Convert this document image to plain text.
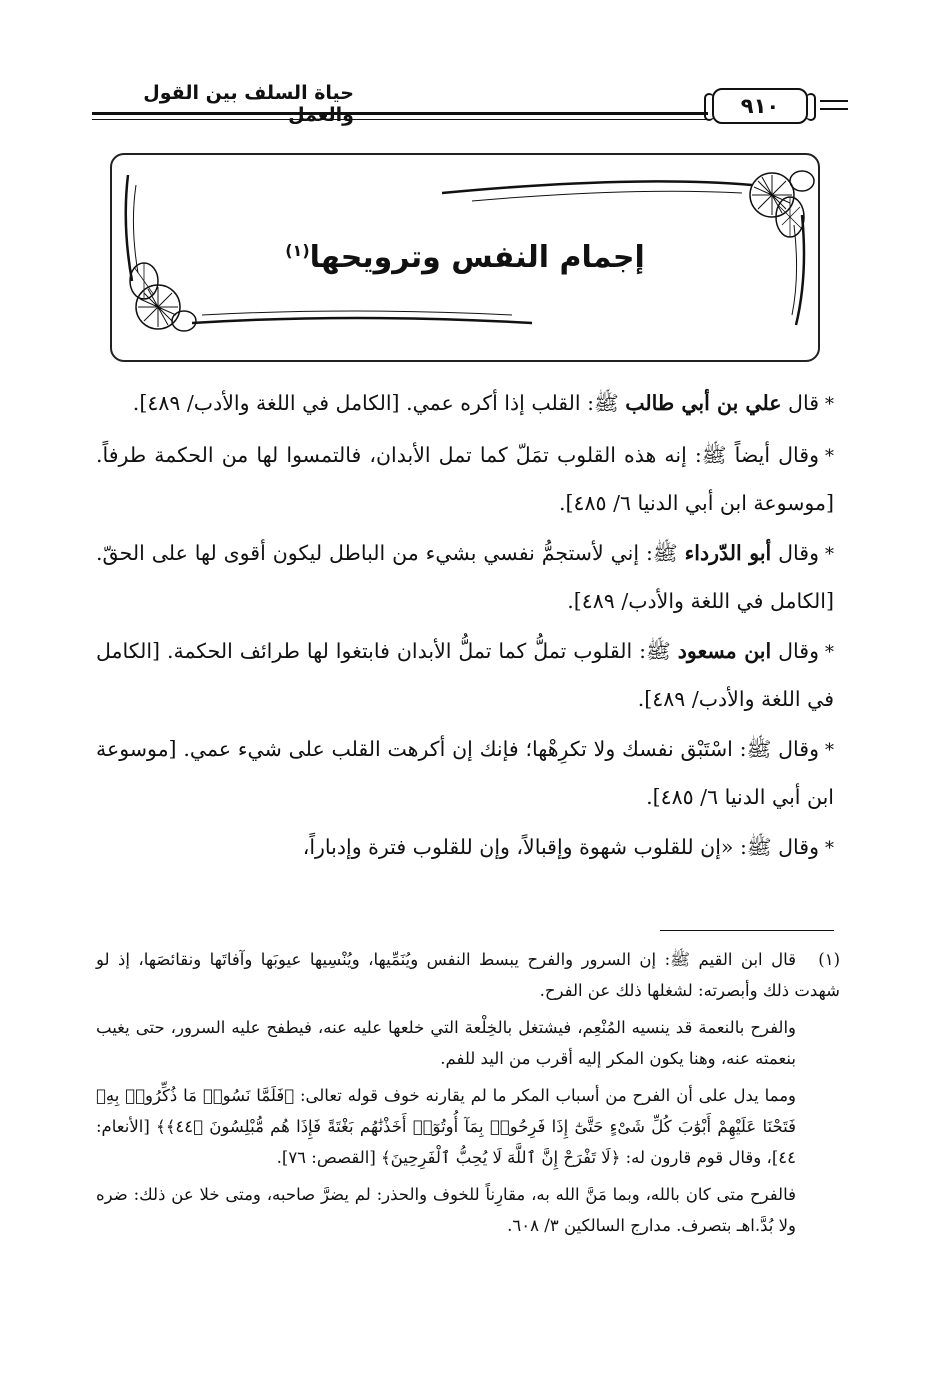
حياة السلف بين القول والعمل	٩١٠
إجمام النفس وترويحها$^{(١)}$

*قال علي بن أبي طالب ﷺ: القلب إذا أكره عمي. [الكامل في اللغة والأدب/ ٤٨٩].

*وقال أيضاً ﷺ: إنه هذه القلوب تمَلّ كما تمل الأبدان، فالتمسوا لها من الحكمة طرفاً. [موسوعة ابن أبي الدنيا ٦/ ٤٨٥].

*وقال أبو الدّرداء ﷺ: إني لأستجمُّ نفسي بشيء من الباطل ليكون أقوى لها على الحقّ. [الكامل في اللغة والأدب/ ٤٨٩].

*وقال ابن مسعود ﷺ: القلوب تملُّ كما تملُّ الأبدان فابتغوا لها طرائف الحكمة. [الكامل في اللغة والأدب/ ٤٨٩].

*وقال ﷺ: اسْتَبْق نفسك ولا تكرِهْها؛ فإنك إن أكرهت القلب على شيء عمي. [موسوعة ابن أبي الدنيا ٦/ ٤٨٥].

*وقال ﷺ: «إن للقلوب شهوة وإقبالاً، وإن للقلوب فترة وإدباراً،

(١)قال ابن القيم ﷺ: إن السرور والفرح يبسط النفس ويُنَمِّيها، ويُنْسِيها عيوبَها وآفاتَها ونقائصَها، إذ لو شهدت ذلك وأبصرته: لشغلها ذلك عن الفرح.

والفرح بالنعمة قد ينسيه المُنْعِم، فيشتغل بالخِلْعة التي خلعها عليه عنه، فيطفح عليه السرور، حتى يغيب بنعمته عنه، وهنا يكون المكر إليه أقرب من اليد للفم.

ومما يدل على أن الفرح من أسباب المكر ما لم يقارنه خوف قوله تعالى: ﴿فَلَمَّا نَسُوا۟ مَا ذُكِّرُوا۟ بِهِۦ فَتَحْنَا عَلَيْهِمْ أَبْوَٰبَ كُلِّ شَىْءٍ حَتَّىٰٓ إِذَا فَرِحُوا۟ بِمَآ أُوتُوٓا۟ أَخَذْنَٰهُم بَغْتَةً فَإِذَا هُم مُّبْلِسُونَ ﴿٤٤﴾﴾ [الأنعام: ٤٤]، وقال قوم قارون له: ﴿لَا تَفْرَحْ إِنَّ ٱللَّهَ لَا يُحِبُّ ٱلْفَرِحِينَ﴾ [القصص: ٧٦].

فالفرح متى كان بالله، وبما مَنَّ الله به، مقارِناً للخوف والحذر: لم يضرَّ صاحبه، ومتى خلا عن ذلك: ضره ولا بُدَّ.اهـ بتصرف. مدارج السالكين ٣/ ٦٠٨.
